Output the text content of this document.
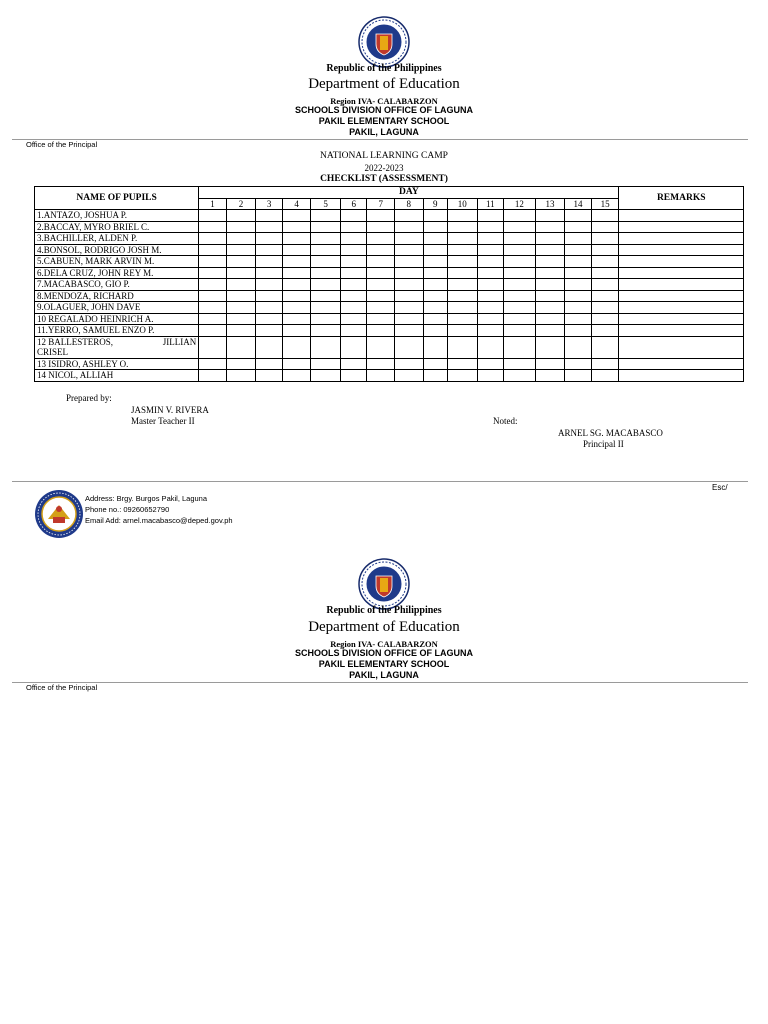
Republic of the Philippines
Department of Education
Region IVA- CALABARZON
SCHOOLS DIVISION OFFICE OF LAGUNA
PAKIL ELEMENTARY SCHOOL
PAKIL, LAGUNA
Office of the Principal
NATIONAL LEARNING CAMP
2022-2023
CHECKLIST (ASSESSMENT)
NAME OF PUPILS	DAY															REMARKS
	1	2	3	4	5	6	7	8	9	10	11	12	13	14	15	
1.ANTAZO, JOSHUA P.																
2.BACCAY, MYRO BRIEL C.																
3.BACHILLER, ALDEN P.																
4.BONSOL, RODRIGO JOSH M.																
5.CABUEN, MARK ARVIN M.																
6.DELA CRUZ, JOHN REY M.																
7.MACABASCO, GIO P.																
8.MENDOZA, RICHARD																
9.OLAGUER, JOHN DAVE																
10 REGALADO HEINRICH A.																
11.YERRO, SAMUEL ENZO P.																

12 BALLESTEROS, JILLIAN
CRISEL																

13 ISIDRO, ASHLEY O.																
14 NICOL, ALLIAH																
Prepared by:
JASMIN V. RIVERA
Master Teacher II	Noted:
ARNEL SG. MACABASCO
Principal II
Esc/
Address: Brgy. Burgos Pakil, Laguna
Phone no.: 09260652790
Email Add: arnel.macabasco@deped.gov.ph
Republic of the Philippines
Department of Education
Region IVA- CALABARZON
SCHOOLS DIVISION OFFICE OF LAGUNA
PAKIL ELEMENTARY SCHOOL
PAKIL, LAGUNA
Office of the Principal
